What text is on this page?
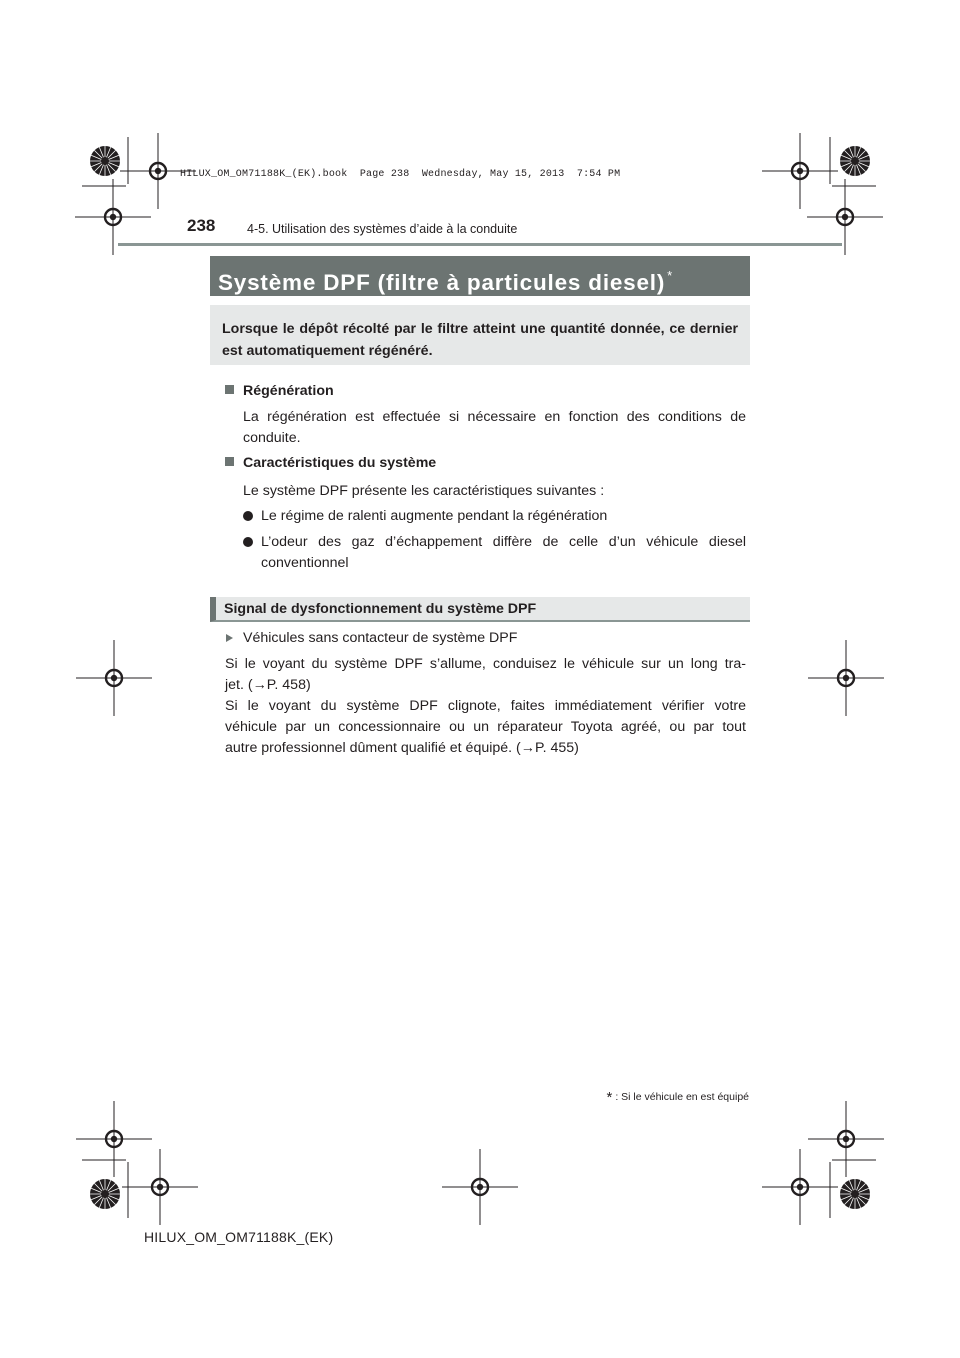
HILUX_OM_OM71188K_(EK).book  Page 238  Wednesday, May 15, 2013  7:54 PM
238	4-5. Utilisation des systèmes d’aide à la conduite
Système DPF (filtre à particules diesel) *
Lorsque le dépôt récolté par le filtre atteint une quantité donnée, ce dernier est automatiquement régénéré.
Régénération
La régénération est effectuée si nécessaire en fonction des conditions de
conduite.
Caractéristiques du système
Le système DPF présente les caractéristiques suivantes :
Le régime de ralenti augmente pendant la régénération
L’odeur des gaz d’échappement diffère de celle d’un véhicule diesel
conventionnel
Signal de dysfonctionnement du système DPF
Véhicules sans contacteur de système DPF
Si le voyant du système DPF s’allume, conduisez le véhicule sur un long tra-
jet. (→P. 458)
Si le voyant du système DPF clignote, faites immédiatement vérifier votre
véhicule par un concessionnaire ou un réparateur Toyota agréé, ou par tout
autre professionnel dûment qualifié et équipé. (→P. 455)
* : Si le véhicule en est équipé
HILUX_OM_OM71188K_(EK)
